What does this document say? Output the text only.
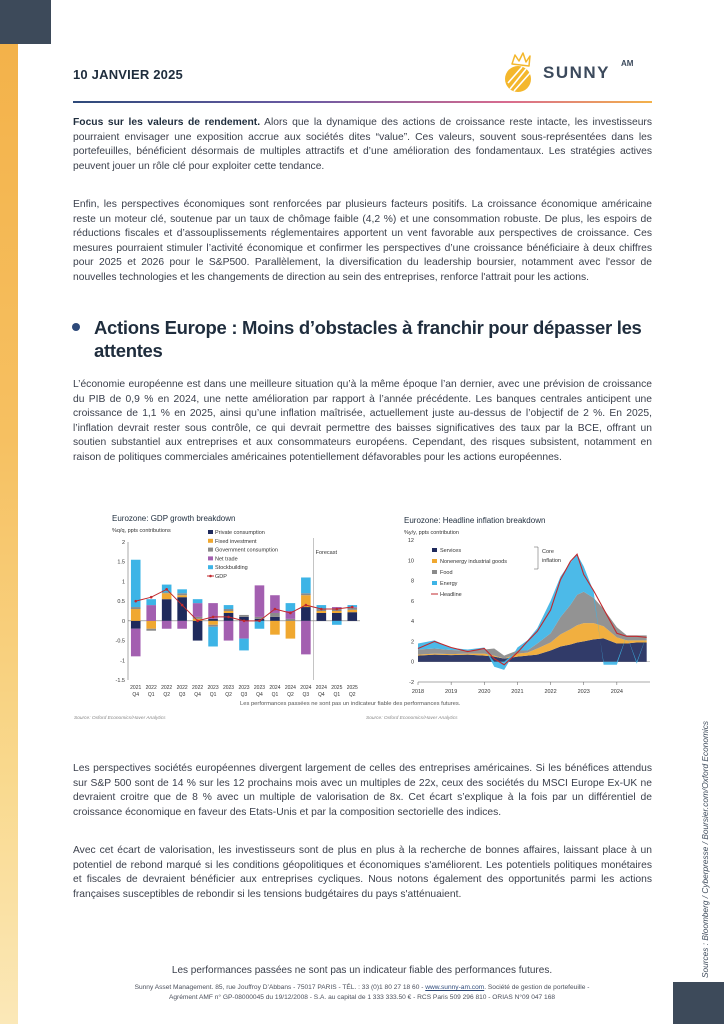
10 JANVIER 2025	SUNNY AM

Focus sur les valeurs de rendement. Alors que la dynamique des actions de croissance reste intacte, les investisseurs pourraient envisager une exposition accrue aux sociétés dites “value”. Ces valeurs, souvent sous-représentées dans les portefeuilles, bénéficient désormais de multiples attractifs et d’une amélioration des fondamentaux. Les stratégies actives peuvent jouer un rôle clé pour exploiter cette tendance.

Enfin, les perspectives économiques sont renforcées par plusieurs facteurs positifs. La croissance économique américaine reste un moteur clé, soutenue par un taux de chômage faible (4,2 %) et une consommation robuste. De plus, les espoirs de réductions fiscales et d’assouplissements réglementaires apportent un vent favorable aux perspectives de croissance. Ces mesures pourraient stimuler l’activité économique et confirmer les perspectives d’une croissance bénéficiaire à deux chiffres pour 2025 et 2026 pour le S&P500. Parallèlement, la diversification du leadership boursier, notamment avec l'essor de nouvelles technologies et les changements de direction au sein des entreprises, renforce l'attrait pour les actions.

Actions Europe : Moins d’obstacles à franchir pour dépasser les attentes

L’économie européenne est dans une meilleure situation qu’à la même époque l’an dernier, avec une prévision de croissance du PIB de 0,9 % en 2024, une nette amélioration par rapport à l’année précédente. Les banques centrales anticipent une croissance de 1,1 % en 2025, ainsi qu’une inflation maîtrisée, actuellement juste au-dessus de l’objectif de 2 %. En 2025, l’inflation devrait rester sous contrôle, ce qui devrait permettre des baisses significatives des taux par la BCE, offrant un soutien substantiel aux entreprises et aux consommateurs européens. Cependant, des risques subsistent, notamment en raison de politiques commerciales américaines potentiellement défavorables pour les actions européennes.

Eurozone: GDP growth breakdown
%q/q, ppts contributions
-1.5
-1
-0.5
0
0.5
1
1.5
2
Forecast
2021
Q4
2022
Q1
2022
Q2
2022
Q3
2022
Q4
2023
Q1
2023
Q2
2023
Q3
2023
Q4
2024
Q1
2024
Q2
2024
Q3
2024
Q4
2025
Q1
2025
Q2
Private consumption
Fixed investment
Government consumption
Net trade
Stockbuilding
GDP
Source: Oxford Economics/Haver Analytics
Eurozone: Headline inflation breakdown
%y/y, ppts contribution
-2
0
2
4
6
8
10
12
2018	2019	2020	2021	2022	2023	2024
Services
Nonenergy industrial goods
Food
Energy
Headline
Core
inflation
Source: Oxford Economics/Haver Analytics
Les performances passées ne sont pas un indicateur fiable des performances futures.

Les perspectives sociétés européennes divergent largement de celles des entreprises américaines. Si les bénéfices attendus sur S&P 500 sont de 14 % sur les 12 prochains mois avec un multiples de 22x, ceux des sociétés du MSCI Europe Ex-UK ne devraient croitre que de 8 % avec un multiple de valorisation de 8x. Cet écart s’explique à la fois par un différentiel de croissance économique en faveur des Etats-Unis et par la composition sectorielle des indices.

Avec cet écart de valorisation, les investisseurs sont de plus en plus à la recherche de bonnes affaires, laissant place à un potentiel de rebond marqué si les conditions géopolitiques et économiques s'améliorent. Les potentiels politiques monétaires et fiscales de devraient bénéficier aux entreprises cycliques. Nous notons également des opportunités parmi les actions françaises susceptibles de rebondir si les tensions budgétaires du pays s'atténuaient.	Sources : Bloomberg / Cyberpresse / Boursier.com/Oxford Economics
Les performances passées ne sont pas un indicateur fiable des performances futures.
Sunny Asset Management. 85, rue Jouffroy D’Abbans - 75017 PARIS - TÉL. : 33 (0)1 80 27 18 60 - www.sunny-am.com. Société de gestion de portefeuille -
Agrément AMF n° GP-08000045 du 19/12/2008 - S.A. au capital de 1 333 333.50 € - RCS Paris 509 296 810 - ORIAS N°09 047 168
